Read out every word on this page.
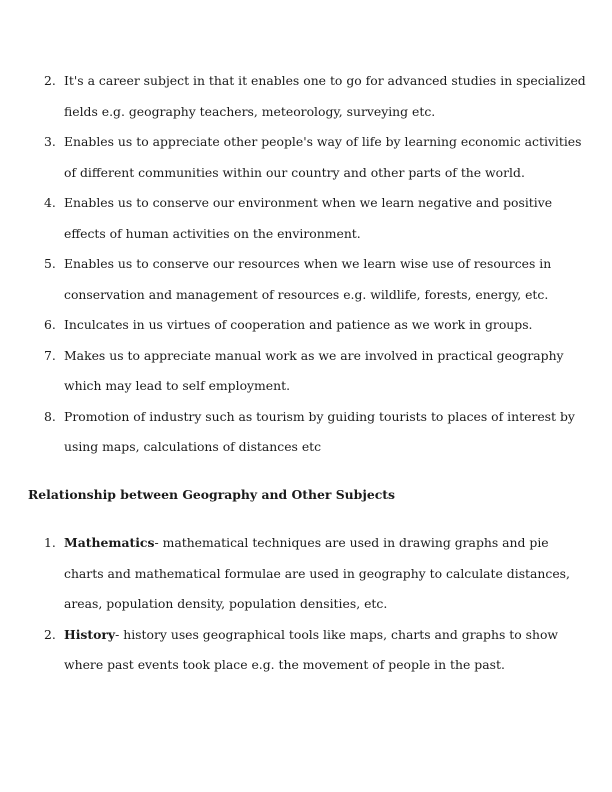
2. It's a career subject in that it enables one to go for advanced studies in specialized fields e.g. geography teachers, meteorology, surveying etc.
3. Enables us to appreciate other people's way of life by learning economic activities of different communities within our country and other parts of the world.
4. Enables us to conserve our environment when we learn negative and positive effects of human activities on the environment.
5. Enables us to conserve our resources when we learn wise use of resources in conservation and management of resources e.g. wildlife, forests, energy, etc.
6. Inculcates in us virtues of cooperation and patience as we work in groups.
7. Makes us to appreciate manual work as we are involved in practical geography which may lead to self employment.
8. Promotion of industry such as tourism by guiding tourists to places of interest by using maps, calculations of distances etc
Relationship between Geography and Other Subjects
1. Mathematics- mathematical techniques are used in drawing graphs and pie charts and mathematical formulae are used in geography to calculate distances, areas, population density, population densities, etc.
2. History- history uses geographical tools like maps, charts and graphs to show where past events took place e.g. the movement of people in the past.
